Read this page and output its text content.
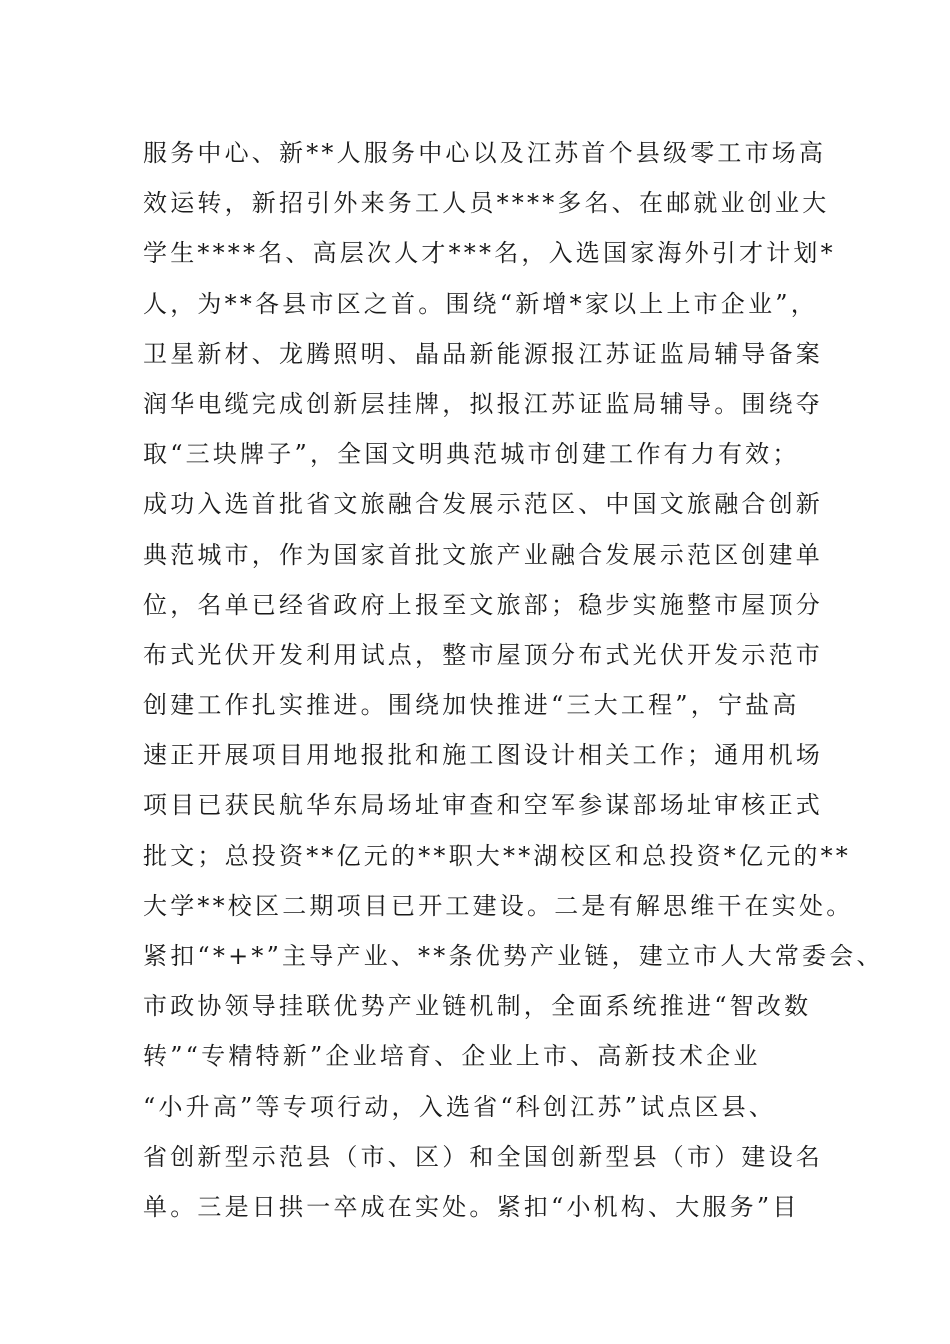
服务中心、新**人服务中心以及江苏首个县级零工市场高
效运转，新招引外来务工人员****多名、在邮就业创业大
学生****名、高层次人才***名，入选国家海外引才计划*
人，为**各县市区之首。围绕“新增*家以上上市企业”，
卫星新材、龙腾照明、晶品新能源报江苏证监局辅导备案
润华电缆完成创新层挂牌，拟报江苏证监局辅导。围绕夺
取“三块牌子”，全国文明典范城市创建工作有力有效；
成功入选首批省文旅融合发展示范区、中国文旅融合创新
典范城市，作为国家首批文旅产业融合发展示范区创建单
位，名单已经省政府上报至文旅部；稳步实施整市屋顶分
布式光伏开发利用试点，整市屋顶分布式光伏开发示范市
创建工作扎实推进。围绕加快推进“三大工程”，宁盐高
速正开展项目用地报批和施工图设计相关工作；通用机场
项目已获民航华东局场址审查和空军参谋部场址审核正式
批文；总投资**亿元的**职大**湖校区和总投资*亿元的**
大学**校区二期项目已开工建设。二是有解思维干在实处。
紧扣“*+*”主导产业、**条优势产业链，建立市人大常委会、
市政协领导挂联优势产业链机制，全面系统推进“智改数
转”“专精特新”企业培育、企业上市、高新技术企业
“小升高”等专项行动，入选省“科创江苏”试点区县、
省创新型示范县（市、区）和全国创新型县（市）建设名
单。三是日拱一卒成在实处。紧扣“小机构、大服务”目
